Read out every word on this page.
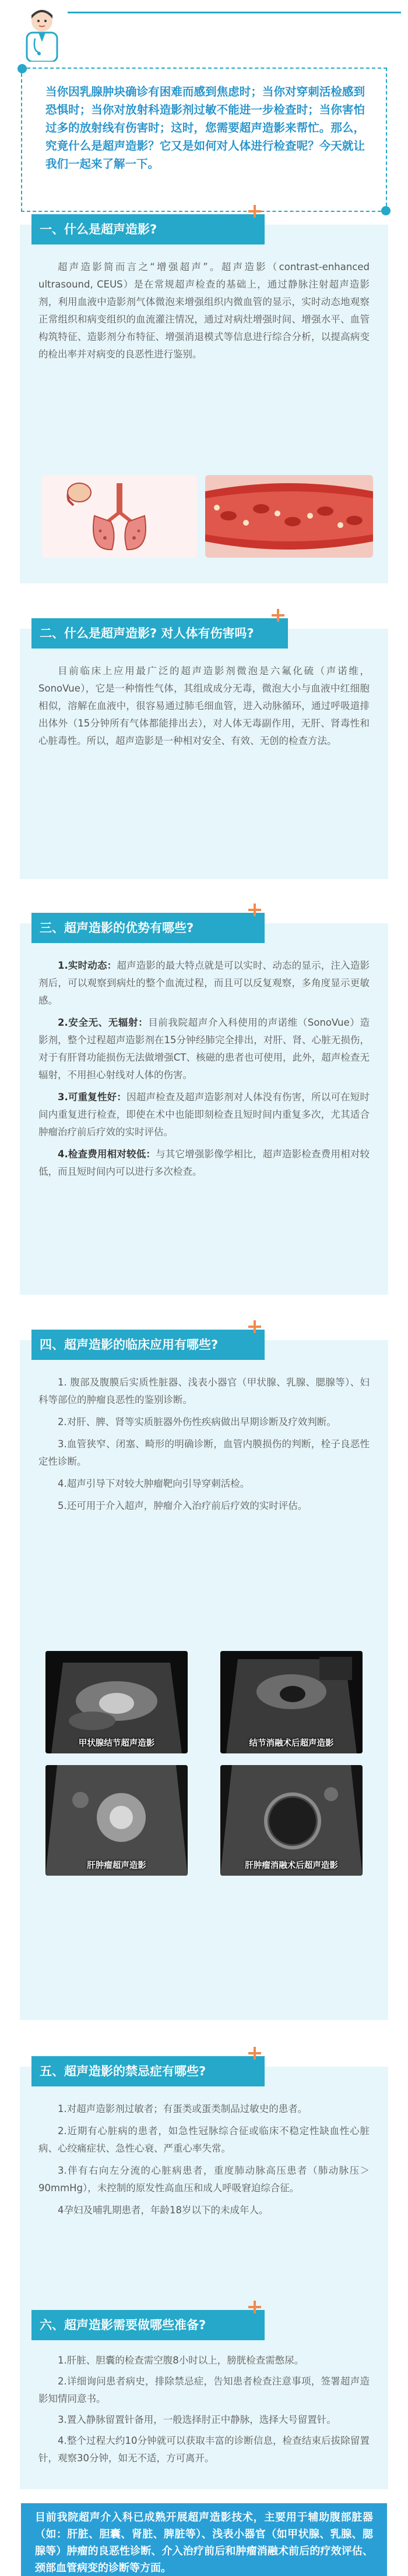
当你因乳腺肿块确诊有困难而感到焦虑时；当你对穿刺活检感到恐惧时；当你对放射科造影剂过敏不能进一步检查时；当你害怕过多的放射线有伤害时；这时，您需要超声造影来帮忙。那么，究竟什么是超声造影？它又是如何对人体进行检查呢？今天就让我们一起来了解一下。
一、什么是超声造影?
超声造影简而言之“增强超声”。超声造影（contrast-enhanced ultrasound, CEUS）是在常规超声检查的基础上，通过静脉注射超声造影剂，利用血液中造影剂气体微泡来增强组织内微血管的显示，实时动态地观察正常组织和病变组织的血流灌注情况，通过对病灶增强时间、增强水平、血管构筑特征、造影剂分布特征、增强消退模式等信息进行综合分析，以提高病变的检出率并对病变的良恶性进行鉴别。
二、什么是超声造影? 对人体有伤害吗?
目前临床上应用最广泛的超声造影剂微泡是六氟化硫（声诺维，SonoVue），它是一种惰性气体，其组成成分无毒，微泡大小与血液中红细胞相似，溶解在血液中，很容易通过肺毛细血管，进入动脉循环，通过呼吸道排出体外（15分钟所有气体都能排出去），对人体无毒副作用，无肝、肾毒性和心脏毒性。所以，超声造影是一种相对安全、有效、无创的检查方法。
三、超声造影的优势有哪些?

1.实时动态：超声造影的最大特点就是可以实时、动态的显示，注入造影剂后，可以观察到病灶的整个血流过程，而且可以反复观察，多角度显示更敏感。

2.安全无、无辐射：目前我院超声介入科使用的声诺维（SonoVue）造影剂，整个过程超声造影剂在15分钟经肺完全排出，对肝、肾、心脏无损伤，对于有肝肾功能损伤无法做增强CT、核磁的患者也可使用，此外，超声检查无辐射，不用担心射线对人体的伤害。

3.可重复性好：因超声检查及超声造影剂对人体没有伤害，所以可在短时间内重复进行检查，即使在术中也能即刻检查且短时间内重复多次，尤其适合肿瘤治疗前后疗效的实时评估。

4.检查费用相对较低：与其它增强影像学相比，超声造影检查费用相对较低，而且短时间内可以进行多次检查。

四、超声造影的临床应用有哪些?

1. 腹部及腹膜后实质性脏器、浅表小器官（甲状腺、乳腺、腮腺等）、妇科等部位的肿瘤良恶性的鉴别诊断。

2.对肝、脾、肾等实质脏器外伤性疾病做出早期诊断及疗效判断。

3.血管狭窄、闭塞、畸形的明确诊断，血管内膜损伤的判断，栓子良恶性定性诊断。

4.超声引导下对较大肿瘤靶向引导穿刺活检。

5.还可用于介入超声，肿瘤介入治疗前后疗效的实时评估。

甲状腺结节超声造影	结节消融术后超声造影
肝肿瘤超声造影	肝肿瘤消融术后超声造影
五、超声造影的禁忌症有哪些?

1.对超声造影剂过敏者；有蛋类或蛋类制品过敏史的患者。

2.近期有心脏病的患者，如急性冠脉综合征或临床不稳定性缺血性心脏病、心绞痛症状、急性心衰、严重心率失常。

3.伴有右向左分流的心脏病患者，重度肺动脉高压患者（肺动脉压＞90mmHg），未控制的原发性高血压和成人呼吸窘迫综合征。

4孕妇及哺乳期患者，年龄18岁以下的未成年人。

六、超声造影需要做哪些准备?

1.肝脏、胆囊的检查需空腹8小时以上，膀胱检查需憋尿。

2.详细询问患者病史，排除禁忌症，告知患者检查注意事项，签署超声造影知情同意书。

3.置入静脉留置针备用，一般选择肘正中静脉，选择大号留置针。

4.整个过程大约10分钟就可以获取丰富的诊断信息，检查结束后拔除留置针，观察30分钟，如无不适，方可离开。

目前我院超声介入科已成熟开展超声造影技术，主要用于辅助腹部脏器（如：肝脏、胆囊、肾脏、脾脏等）、浅表小器官（如甲状腺、乳腺、腮腺等）肿瘤的良恶性诊断、介入治疗前后和肿瘤消融术前后的疗效评估、颈部血管病变的诊断等方面。
